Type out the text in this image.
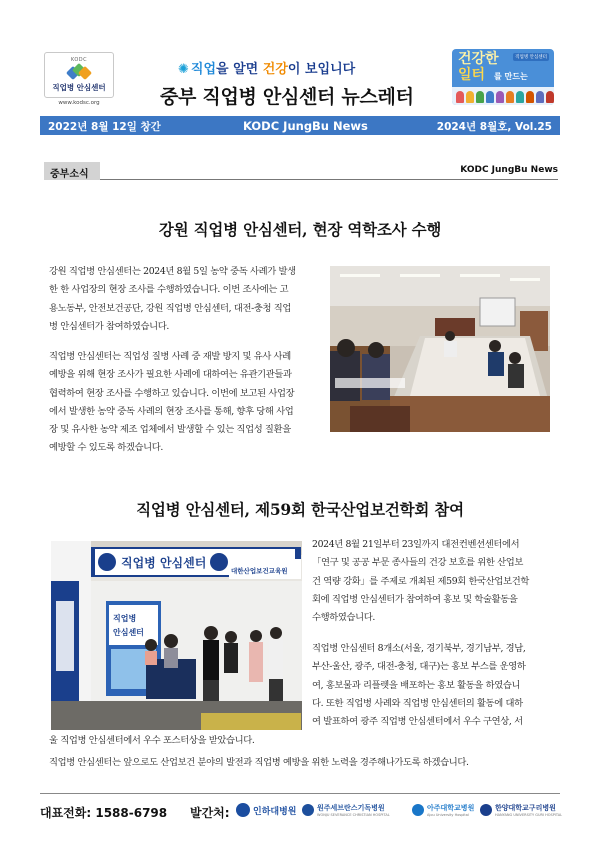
KODC
직업병 안심센터
www.kodsc.org
✺ 직업을 알면 건강이 보입니다
중부 직업병 안심센터 뉴스레터
건강한
일터 를 만드는
직업병 안심센터
2022년 8월 12일 창간	KODC JungBu News	2024년 8월호, Vol.25
중부소식	KODC JungBu News
강원 직업병 안심센터, 현장 역학조사 수행
강원 직업병 안심센터는 2024년 8월 5일 농약 중독 사례가 발생
한 한 사업장의 현장 조사를 수행하였습니다. 이번 조사에는 고
용노동부, 안전보건공단, 강원 직업병 안심센터, 대전-충청 직업
병 안심센터가 참여하였습니다.
직업병 안심센터는 직업성 질병 사례 중 재발 방지 및 유사 사례
예방을 위해 현장 조사가 필요한 사례에 대하여는 유관기관들과
협력하여 현장 조사를 수행하고 있습니다. 이번에 보고된 사업장
에서 발생한 농약 중독 사례의 현장 조사를 통해, 향후 당해 사업
장 및 유사한 농약 제조 업체에서 발생할 수 있는 직업성 질환을
예방할 수 있도록 하겠습니다.
직업병 안심센터, 제59회 한국산업보건학회 참여
직업병 안심센터
대한산업보건교육원
직업병
안심센터
2024년 8월 21일부터 23일까지 대전컨벤션센터에서
「연구 및 공공 부문 종사들의 건강 보호를 위한 산업보
건 역량 강화」를 주제로 개최된 제59회 한국산업보건학
회에 직업병 안심센터가 참여하여 홍보 및 학술활동을
수행하였습니다.
직업병 안심센터 8개소(서울, 경기북부, 경기남부, 경남,
부산-울산, 광주, 대전-충청, 대구)는 홍보 부스를 운영하
여, 홍보물과 리플렛을 배포하는 홍보 활동을 하였습니
다. 또한 직업병 사례와 직업병 안심센터의 활동에 대하
여 발표하여 광주 직업병 안심센터에서 우수 구연상, 서
울 직업병 안심센터에서 우수 포스터상을 받았습니다.
직업병 안심센터는 앞으로도 산업보건 분야의 발전과 직업병 예방을 위한 노력을 경주해나가도록 하겠습니다.
대표전화: 1588-6798 발간처:	인하대병원	원주세브란스기독병원
WONJU SEVERANCE CHRISTIAN HOSPITAL
아주대학교병원
Ajou University Hospital
한양대학교구리병원
HANYANG UNIVERSITY GURI HOSPITAL
